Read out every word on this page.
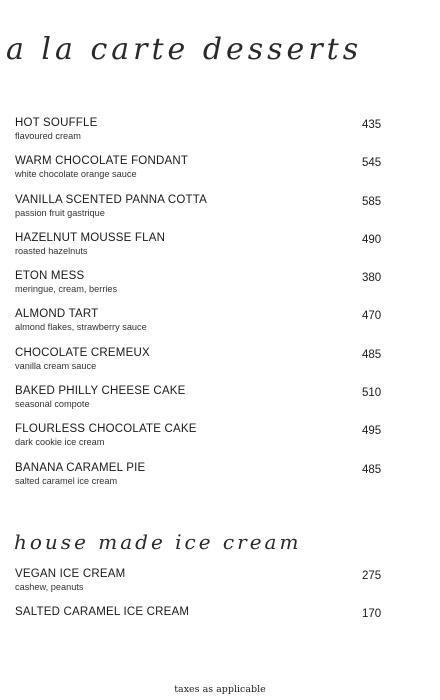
a la carte desserts
HOT SOUFFLE
flavoured cream
435
WARM CHOCOLATE FONDANT
white chocolate orange sauce
545
VANILLA SCENTED PANNA COTTA
passion fruit gastrique
585
HAZELNUT MOUSSE FLAN
roasted hazelnuts
490
ETON MESS
meringue, cream, berries
380
ALMOND TART
almond flakes, strawberry sauce
470
CHOCOLATE CREMEUX
vanilla cream sauce
485
BAKED PHILLY CHEESE CAKE
seasonal compote
510
FLOURLESS CHOCOLATE CAKE
dark cookie ice cream
495
BANANA CARAMEL PIE
salted caramel ice cream
485
house made ice cream
VEGAN ICE CREAM
cashew, peanuts
275
SALTED CARAMEL ICE CREAM	170
taxes as applicable
